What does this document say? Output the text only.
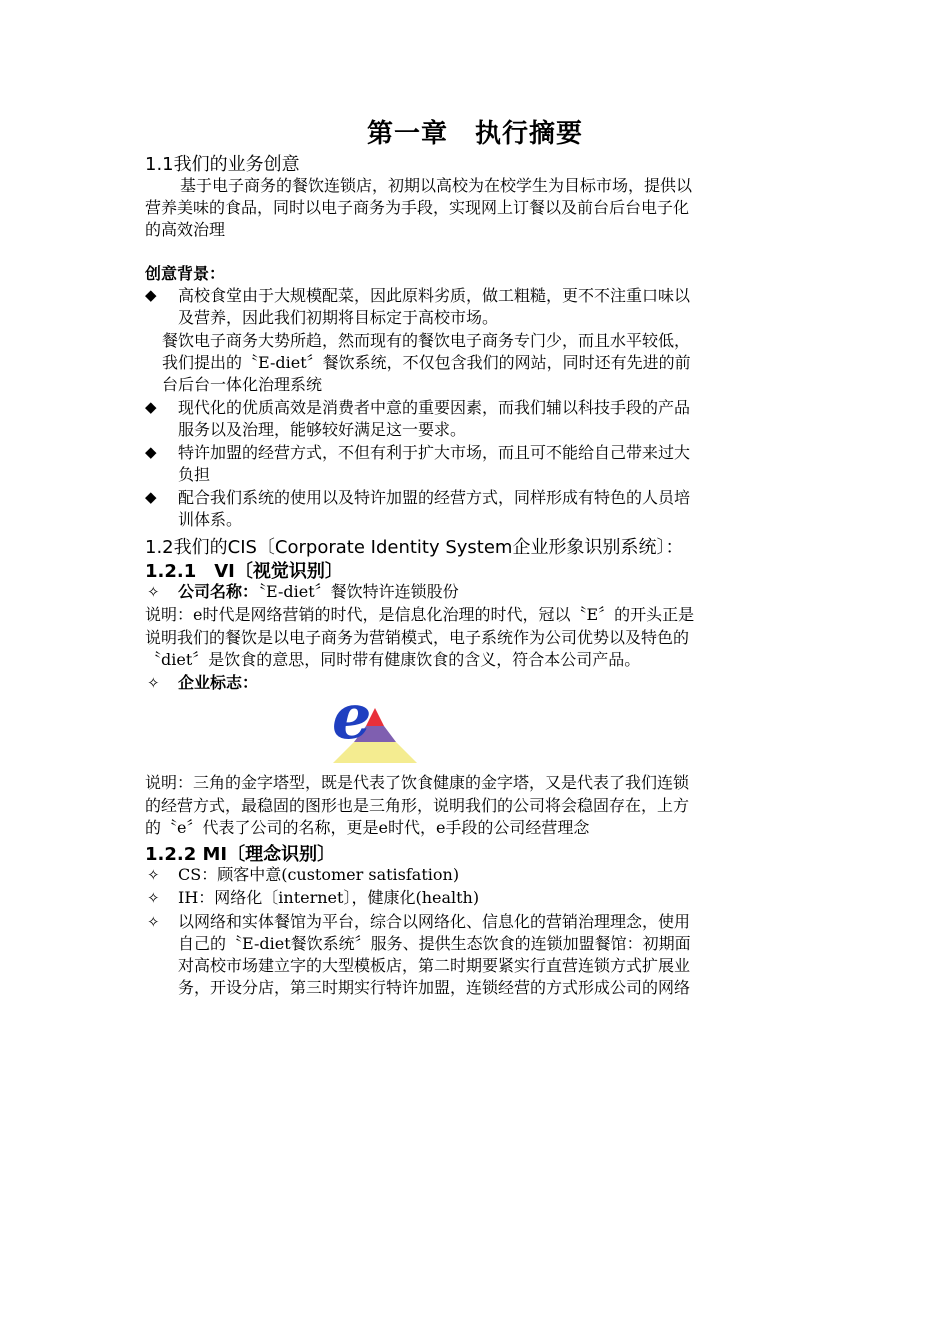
第一章　执行摘要
1.1我们的业务创意
基于电子商务的餐饮连锁店，初期以高校为在校学生为目标市场，提供以
营养美味的食品，同时以电子商务为手段，实现网上订餐以及前台后台电子化
的高效治理
创意背景：
◆ 高校食堂由于大规模配菜，因此原料劣质，做工粗糙，更不不注重口味以
及营养，因此我们初期将目标定于高校市场。
餐饮电子商务大势所趋，然而现有的餐饮电子商务专门少，而且水平较低，
我们提出的〝E-diet〞餐饮系统，不仅包含我们的网站，同时还有先进的前
台后台一体化治理系统
◆ 现代化的优质高效是消费者中意的重要因素，而我们辅以科技手段的产品
服务以及治理，能够较好满足这一要求。
◆ 特许加盟的经营方式，不但有利于扩大市场，而且可不能给自己带来过大
负担
◆ 配合我们系统的使用以及特许加盟的经营方式，同样形成有特色的人员培
训体系。
1.2我们的CIS〔Corporate Identity System企业形象识别系统〕：
1.2.1　VI〔视觉识别〕
✧ 公司名称：〝E-diet〞餐饮特许连锁股份
说明：e时代是网络营销的时代，是信息化治理的时代，冠以〝E〞的开头正是
说明我们的餐饮是以电子商务为营销模式，电子系统作为公司优势以及特色的
〝diet〞是饮食的意思，同时带有健康饮食的含义，符合本公司产品。
✧ 企业标志： e
说明：三角的金字塔型，既是代表了饮食健康的金字塔，又是代表了我们连锁
的经营方式，最稳固的图形也是三角形，说明我们的公司将会稳固存在，上方
的〝e〞代表了公司的名称，更是e时代，e手段的公司经营理念
1.2.2 MI〔理念识别〕
✧ CS：顾客中意(customer satisfation)
✧ IH：网络化〔internet〕，健康化(health)
✧ 以网络和实体餐馆为平台，综合以网络化、信息化的营销治理理念，使用
自己的〝E-diet餐饮系统〞服务、提供生态饮食的连锁加盟餐馆：初期面
对高校市场建立字的大型模板店，第二时期要紧实行直营连锁方式扩展业
务，开设分店，第三时期实行特许加盟，连锁经营的方式形成公司的网络
